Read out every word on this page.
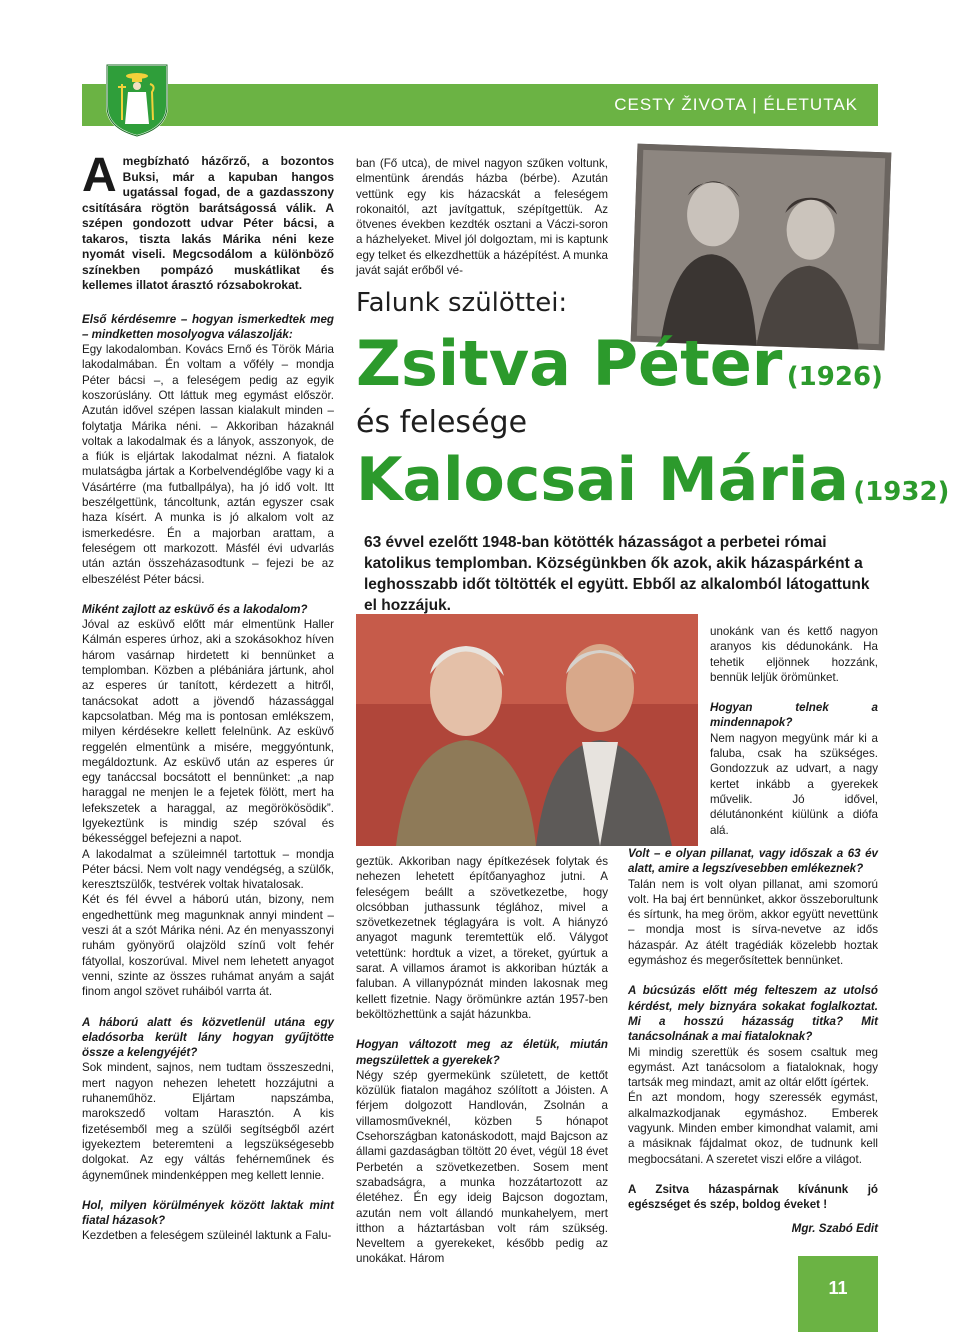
CESTY ŽIVOTA | ÉLETUTAK
Amegbízható házőrző, a bozontos Buksi, már a kapuban hangos ugatással fogad, de a gazdasszony csitítására rögtön barátságossá válik. A szépen gondozott udvar Péter bácsi, a takaros, tiszta lakás Márika néni keze nyomát viseli. Megcsodálom a különböző színekben pompázó muskátlikat és kellemes illatot árasztó rózsabokrokat.

Első kérdésemre – hogyan ismerkedtek meg – mindketten mosolyogva válaszolják:

Egy lakodalomban. Kovács Ernő és Török Mária lakodalmában. Én voltam a vőfély – mondja Péter bácsi –, a feleségem pedig az egyik koszorúslány. Ott láttuk meg egymást először. Azután idővel szépen lassan kialakult minden – folytatja Márika néni. – Akkoriban házaknál voltak a lakodalmak és a lányok, asszonyok, de a fiúk is eljártak lakodalmat nézni. A fiatalok mulatságba jártak a Korbelvendéglőbe vagy ki a Vásártérre (ma futballpálya), ha jó idő volt. Itt beszélgettünk, táncoltunk, aztán egyszer csak haza kísért. A munka is jó alkalom volt az ismerkedésre. Én a majorban arattam, a feleségem ott markozott. Másfél évi udvarlás után aztán összeházasodtunk – fejezi be az elbeszélést Péter bácsi.

Miként zajlott az esküvő és a lakodalom?

Jóval az esküvő előtt már elmentünk Haller Kálmán esperes úrhoz, aki a szokásokhoz híven három vasárnap hirdetett ki bennünket a templomban. Közben a plébániára jártunk, ahol az esperes úr tanított, kérdezett a hitről, tanácsokat adott a jövendő házassággal kapcsolatban. Még ma is pontosan emlékszem, milyen kérdésekre kellett felelnünk. Az esküvő reggelén elmentünk a misére, meggyóntunk, megáldoztunk. Az esküvő után az esperes úr egy tanáccsal bocsátott el bennünket: „a nap haraggal ne menjen le a fejetek fölött, mert ha lefekszetek a haraggal, az megörökösödik”. Igyekeztünk is mindig szép szóval és békességgel befejezni a napot.

A lakodalmat a szüleimnél tartottuk – mondja Péter bácsi. Nem volt nagy vendégség, a szülők, keresztszülők, testvérek voltak hivatalosak.

Két és fél évvel a háború után, bizony, nem engedhettünk meg magunknak annyi mindent – veszi át a szót Márika néni. Az én menyasszonyi ruhám gyönyörű olajzöld színű volt fehér fátyollal, koszorúval. Mivel nem lehetett anyagot venni, szinte az összes ruhámat anyám a saját finom angol szövet ruháiból varrta át.

A háború alatt és közvetlenül utána egy eladósorba került lány hogyan gyűjtötte össze a kelengyéjét?

Sok mindent, sajnos, nem tudtam összeszedni, mert nagyon nehezen lehetett hozzájutni a ruhaneműhöz. Eljártam napszámba, marokszedő voltam Harasztón. A kis fizetésemből meg a szülői segítségből azért igyekeztem beteremteni a legszükségesebb dolgokat. Az egy váltás fehérneműnek és ágyneműnek mindenképpen meg kellett lennie.

Hol, milyen körülmények között laktak mint fiatal házasok?

Kezdetben a feleségem szüleinél laktunk a Falu-

ban (Fő utca), de mivel nagyon szűken voltunk, elmentünk árendás házba (bérbe). Azután vettünk egy kis házacskát a feleségem rokonaitól, azt javítgattuk, szépítgettük. Az ötvenes években kezdték osztani a Váczi-soron a házhelyeket. Mivel jól dolgoztam, mi is kaptunk egy telket és elkezdhettük a házépítést. A munka javát saját erőből vé-

Falunk szülöttei:
Zsitva Péter (1926)
és felesége
Kalocsai Mária (1932)
63 évvel ezelőtt 1948-ban kötötték házasságot a perbetei római katolikus templomban. Községünkben ők azok, akik házaspárként a leghosszabb időt töltötték el együtt. Ebből az alkalomból látogattunk el hozzájuk.

unokánk van és kettő nagyon aranyos kis dédunokánk. Ha tehetik eljönnek hozzánk, bennük leljük örömünket.

Hogyan telnek a mindennapok?

Nem nagyon megyünk már ki a faluba, csak ha szükséges. Gondozzuk az udvart, a nagy kertet inkább a gyerekek művelik. Jó idővel, délutánonként kiülünk a diófa alá.

geztük. Akkoriban nagy építkezések folytak és nehezen lehetett építőanyaghoz jutni. A feleségem beállt a szövetkezetbe, hogy olcsóbban juthassunk téglához, mivel a szövetkezetnek téglagyára is volt. A hiányzó anyagot magunk teremtettük elő. Válygot vetettünk: hordtuk a vizet, a töreket, gyúrtuk a sarat. A villamos áramot is akkoriban húzták a faluban. A villanypóznát minden lakosnak meg kellett fizetnie. Nagy örömünkre aztán 1957-ben beköltözhettünk a saját házunkba.

Hogyan változott meg az életük, miután megszülettek a gyerekek?

Négy szép gyermekünk született, de kettőt közülük fiatalon magához szólított a Jóisten. A férjem dolgozott Handlován, Zsolnán a villamosműveknél, közben 5 hónapot Csehországban katonáskodott, majd Bajcson az állami gazdaságban töltött 20 évet, végül 18 évet Perbetén a szövetkezetben. Sosem ment szabadságra, a munka hozzátartozott az életéhez. Én egy ideig Bajcson dogoztam, azután nem volt állandó munkahelyem, mert itthon a háztartásban volt rám szükség. Neveltem a gyerekeket, később pedig az unokákat. Három

Volt – e olyan pillanat, vagy időszak a 63 év alatt, amire a legszívesebben emlékeznek?

Talán nem is volt olyan pillanat, ami szomorú volt. Ha baj ért bennünket, akkor összeborultunk és sírtunk, ha meg öröm, akkor együtt nevettünk – mondja most is sírva-nevetve az idős házaspár. Az átélt tragédiák közelebb hoztak egymáshoz és megerősítettek bennünket.

A búcsúzás előtt még felteszem az utolsó kérdést, mely biznyára sokakat foglalkoztat. Mi a hosszú házasság titka? Mit tanácsolnának a mai fiataloknak?

Mi mindig szerettük és sosem csaltuk meg egymást. Azt tanácsolom a fiataloknak, hogy tartsák meg mindazt, amit az oltár előtt ígértek.

Én azt mondom, hogy szeressék egymást, alkalmazkodjanak egymáshoz. Emberek vagyunk. Minden ember kimondhat valamit, ami a másiknak fájdalmat okoz, de tudnunk kell megbocsátani. A szeretet viszi előre a világot.

A Zsitva házaspárnak kívánunk jó egészséget és szép, boldog éveket !

Mgr. Szabó Edit

11
